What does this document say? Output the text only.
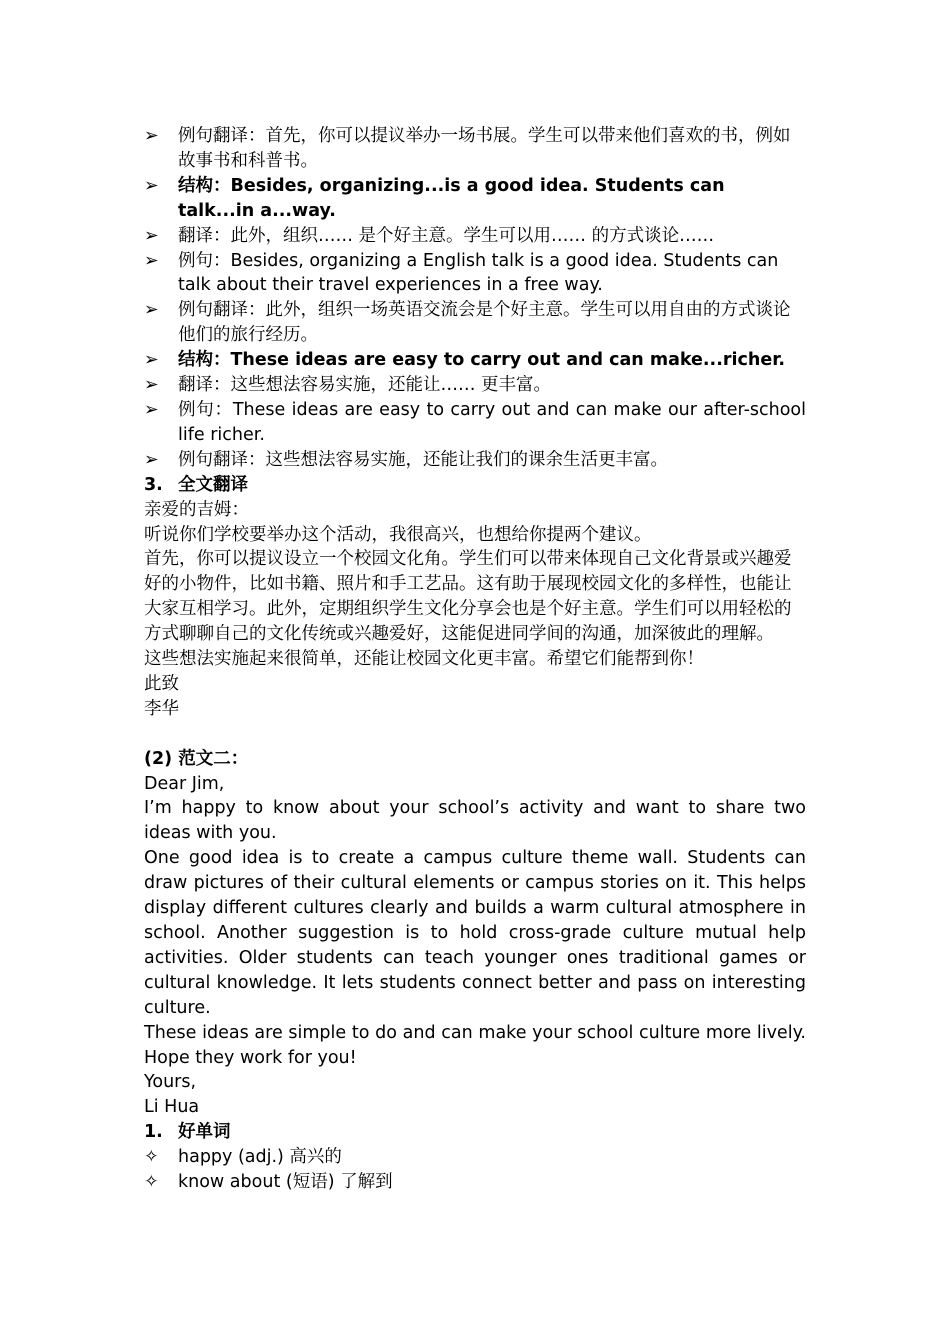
➢	例句翻译：首先，你可以提议举办一场书展。学生可以带来他们喜欢的书，例如故事书和科普书。
➢	结构：Besides, organizing...is a good idea. Students can talk...in a...way.
➢	翻译：此外，组织…… 是个好主意。学生可以用…… 的方式谈论……
➢	例句：Besides, organizing a English talk is a good idea. Students can talk about their travel experiences in a free way.
➢	例句翻译：此外，组织一场英语交流会是个好主意。学生可以用自由的方式谈论他们的旅行经历。
➢	结构：These ideas are easy to carry out and can make...richer.
➢	翻译：这些想法容易实施，还能让…… 更丰富。
➢	例句：These ideas are easy to carry out and can make our after-school life richer.
➢	例句翻译：这些想法容易实施，还能让我们的课余生活更丰富。
3. 全文翻译
亲爱的吉姆：
听说你们学校要举办这个活动，我很高兴，也想给你提两个建议。
首先，你可以提议设立一个校园文化角。学生们可以带来体现自己文化背景或兴趣爱好的小物件，比如书籍、照片和手工艺品。这有助于展现校园文化的多样性，也能让大家互相学习。此外，定期组织学生文化分享会也是个好主意。学生们可以用轻松的方式聊聊自己的文化传统或兴趣爱好，这能促进同学间的沟通，加深彼此的理解。
这些想法实施起来很简单，还能让校园文化更丰富。希望它们能帮到你！
此致
李华
(2) 范文二：
Dear Jim,
I’m happy to know about your school’s activity and want to share two ideas with you.
One good idea is to create a campus culture theme wall. Students can draw pictures of their cultural elements or campus stories on it. This helps display different cultures clearly and builds a warm cultural atmosphere in school. Another suggestion is to hold cross-grade culture mutual help activities. Older students can teach younger ones traditional games or cultural knowledge. It lets students connect better and pass on interesting culture.
These ideas are simple to do and can make your school culture more lively. Hope they work for you!
Yours,
Li Hua
1. 好单词
✧	happy (adj.) 高兴的
✧	know about (短语) 了解到
